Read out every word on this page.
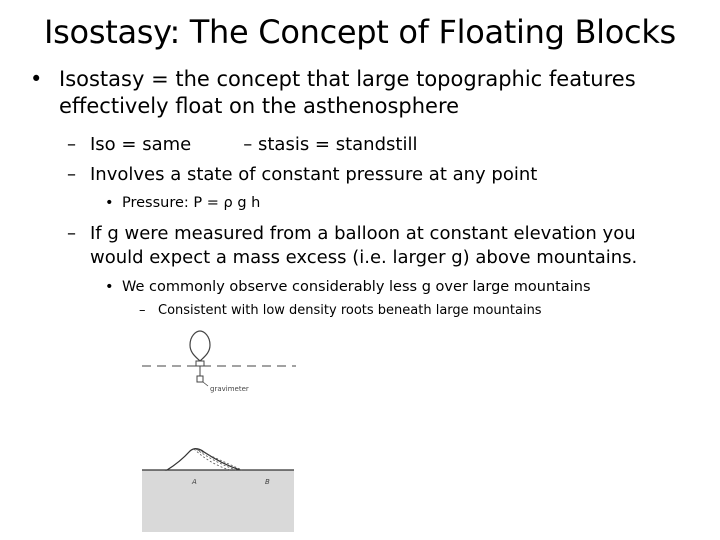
Isostasy: The Concept of Floating Blocks
• Isostasy = the concept that large topographic features
effectively float on the asthenosphere
– Iso = same	– stasis = standstill
– Involves a state of constant pressure at any point
• Pressure: P = ρ g h
– If g were measured from a balloon at constant elevation you
would expect a mass excess (i.e. larger g) above mountains.
• We commonly observe considerably less g over large mountains
– Consistent with low density roots beneath large mountains
gravimeter
A	B
